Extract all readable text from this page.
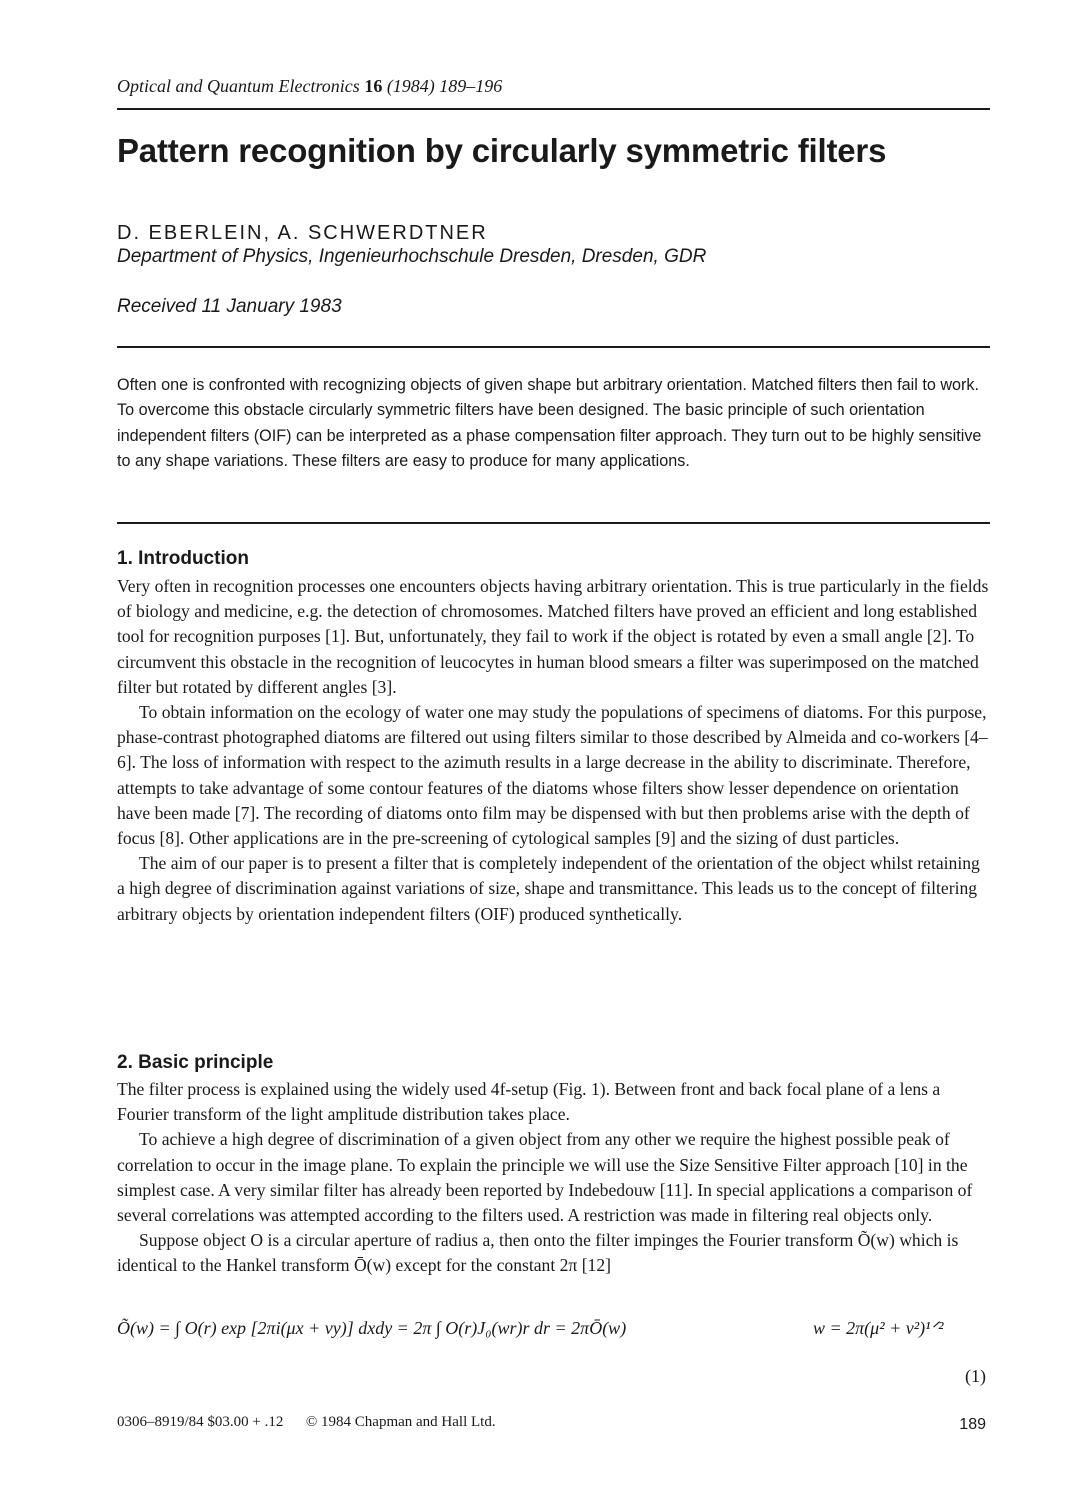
Optical and Quantum Electronics 16 (1984) 189–196
Pattern recognition by circularly symmetric filters
D. EBERLEIN, A. SCHWERDTNER
Department of Physics, Ingenieurhochschule Dresden, Dresden, GDR
Received 11 January 1983
Often one is confronted with recognizing objects of given shape but arbitrary orientation. Matched filters then fail to work. To overcome this obstacle circularly symmetric filters have been designed. The basic principle of such orientation independent filters (OIF) can be interpreted as a phase compensation filter approach. They turn out to be highly sensitive to any shape variations. These filters are easy to produce for many applications.
1. Introduction

Very often in recognition processes one encounters objects having arbitrary orientation. This is true particularly in the fields of biology and medicine, e.g. the detection of chromosomes. Matched filters have proved an efficient and long established tool for recognition purposes [1]. But, unfortunately, they fail to work if the object is rotated by even a small angle [2]. To circumvent this obstacle in the recognition of leucocytes in human blood smears a filter was superimposed on the matched filter but rotated by different angles [3].

To obtain information on the ecology of water one may study the populations of specimens of diatoms. For this purpose, phase-contrast photographed diatoms are filtered out using filters similar to those described by Almeida and co-workers [4–6]. The loss of information with respect to the azimuth results in a large decrease in the ability to discriminate. Therefore, attempts to take advantage of some contour features of the diatoms whose filters show lesser dependence on orientation have been made [7]. The recording of diatoms onto film may be dispensed with but then problems arise with the depth of focus [8]. Other applications are in the pre-screening of cytological samples [9] and the sizing of dust particles.

The aim of our paper is to present a filter that is completely independent of the orientation of the object whilst retaining a high degree of discrimination against variations of size, shape and transmittance. This leads us to the concept of filtering arbitrary objects by orientation independent filters (OIF) produced synthetically.

2. Basic principle

The filter process is explained using the widely used 4f-setup (Fig. 1). Between front and back focal plane of a lens a Fourier transform of the light amplitude distribution takes place.

To achieve a high degree of discrimination of a given object from any other we require the highest possible peak of correlation to occur in the image plane. To explain the principle we will use the Size Sensitive Filter approach [10] in the simplest case. A very similar filter has already been reported by Indebedouw [11]. In special applications a comparison of several correlations was attempted according to the filters used. A restriction was made in filtering real objects only.

Suppose object O is a circular aperture of radius a, then onto the filter impinges the Fourier transform Õ(w) which is identical to the Hankel transform Ō(w) except for the constant 2π [12]

Õ(w) = ∫ O(r) exp [2πi(μx + νy)] dxdy = 2π ∫ O(r)J₀(wr)r dr = 2πŌ(w)	w = 2π(μ² + ν²)¹ᐟ²
(1)
0306–8919/84 $03.00 + .12 © 1984 Chapman and Hall Ltd.	189
